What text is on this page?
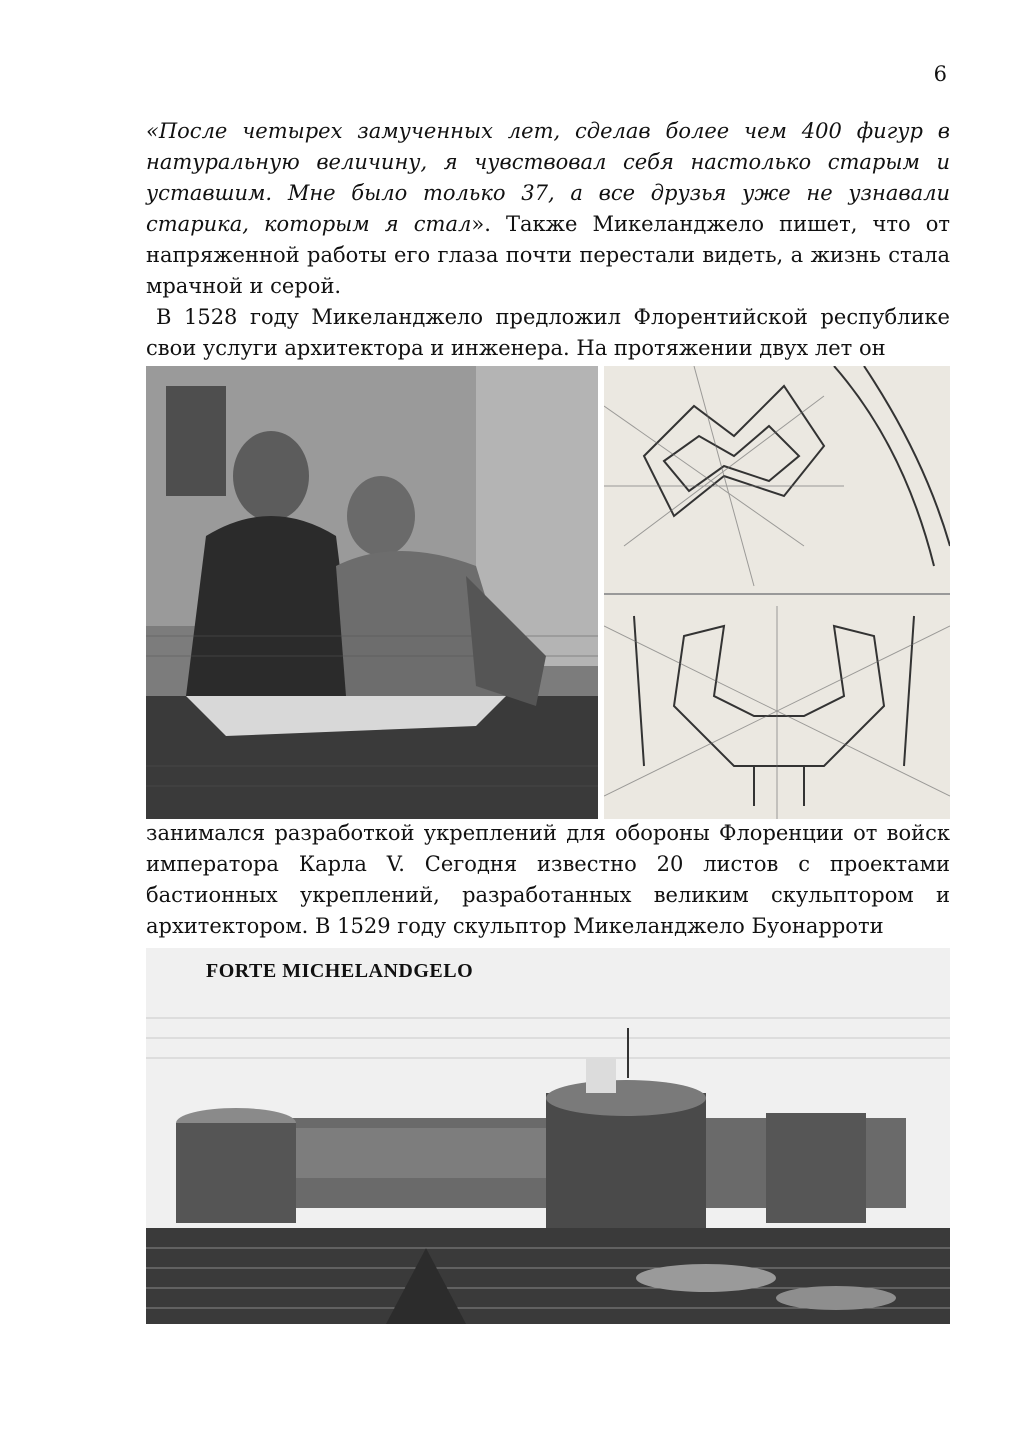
6

«После четырех замученных лет, сделав более чем 400 фигур в натуральную величину, я чувствовал себя настолько старым и уставшим. Мне было только 37, а все друзья уже не узнавали старика, которым я стал». Также Микеланджело пишет, что от напряженной работы его глаза почти перестали видеть, а жизнь стала мрачной и серой.

В 1528 году Микеланджело предложил Флорентийской республике свои услуги архитектора и инженера. На протяжении двух лет он

занимался разработкой укреплений для обороны Флоренции от войск императора Карла V. Сегодня известно 20 листов с проектами бастионных укреплений, разработанных великим скульптором и архитектором. В 1529 году скульптор Микеланджело Буонарроти

FORTE MICHELANDGELO
